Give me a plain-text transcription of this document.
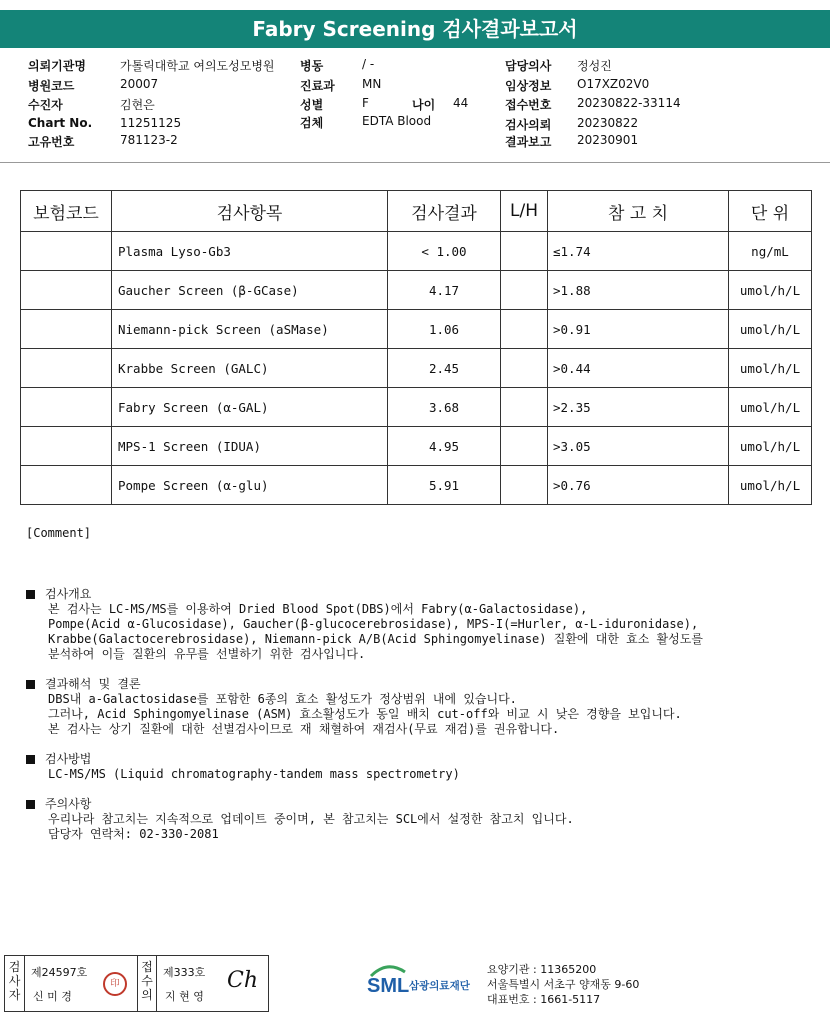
Fabry Screening 검사결과보고서
의뢰기관명	가톨릭대학교 여의도성모병원
병원코드	20007
수진자	김현은
Chart No. 11251125
고유번호	781123-2
병동	/ -
진료과 MN
성별	F
검체	EDTA Blood
담당의사 정성진
임상정보 O17XZ02V0
접수번호 20230822-33114
검사의뢰 20230822
결과보고 20230901
나이 44
보험코드	검사항목	검사결과	L/H	참 고 치	단 위
	Plasma Lyso-Gb3	< 1.00		≤1.74	ng/mL
	Gaucher Screen (β-GCase)	4.17		>1.88	umol/h/L
	Niemann-pick Screen (aSMase)	1.06		>0.91	umol/h/L
	Krabbe Screen (GALC)	2.45		>0.44	umol/h/L
	Fabry Screen (α-GAL)	3.68		>2.35	umol/h/L
	MPS-1 Screen (IDUA)	4.95		>3.05	umol/h/L
	Pompe Screen (α-glu)	5.91		>0.76	umol/h/L
[Comment]
검사개요
본 검사는 LC-MS/MS를 이용하여 Dried Blood Spot(DBS)에서 Fabry(α-Galactosidase),
Pompe(Acid α-Glucosidase), Gaucher(β-glucocerebrosidase), MPS-I(=Hurler, α-L-iduronidase),
Krabbe(Galactocerebrosidase), Niemann-pick A/B(Acid Sphingomyelinase) 질환에 대한 효소 활성도를
분석하여 이들 질환의 유무를 선별하기 위한 검사입니다.
결과해석 및 결론
DBS내 a-Galactosidase를 포함한 6종의 효소 활성도가 정상범위 내에 있습니다.
그러나, Acid Sphingomyelinase (ASM) 효소활성도가 동일 배치 cut-off와 비교 시 낮은 경향을 보입니다.
본 검사는 상기 질환에 대한 선별검사이므로 재 채혈하여 재검사(무료 재검)를 권유합니다.
검사방법
LC-MS/MS (Liquid chromatography-tandem mass spectrometry)
주의사항
우리나라 참고치는 지속적으로 업데이트 중이며, 본 참고치는 SCL에서 설정한 참고치 입니다.
담당자 연락처: 02-330-2081
검
사
자
제24597호
신 미 경
印
접
수
의
제333호
지 현 영
Ch	SML 삼광의료재단
요양기관 : 11365200
서울특별시 서초구 양재동 9-60
대표번호 : 1661-5117
